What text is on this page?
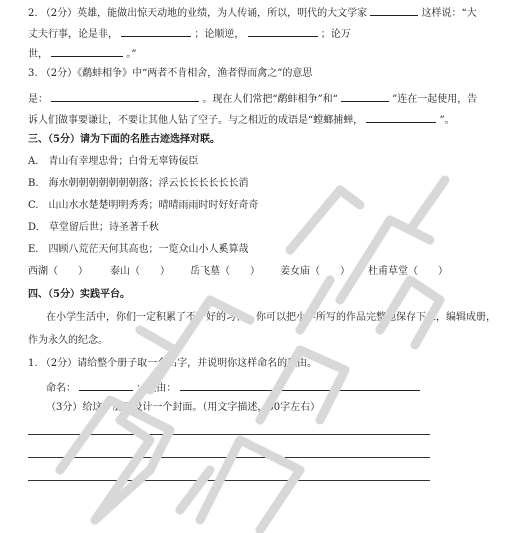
2. （2分）英雄，能做出惊天动地的业绩，为人传诵，所以，明代的大文学家	这样说：“大
丈夫行事，论是非，	；论顺逆，	；论万
世，	。”
3. （2分）《鹬蚌相争》中“两者不肯相舍，渔者得而禽之”的意思
是：	。现在人们常把“鹬蚌相争”和“	”连在一起使用，告
诉人们做事要谦让，不要让其他人钻了空子。与之相近的成语是“螳螂捕蝉，	”。
三、（5分）请为下面的名胜古迹选择对联。
A.　青山有幸埋忠骨；白骨无辜铸佞臣
B.　海水朝朝朝朝朝朝朝落；浮云长长长长长长消
C.　山山水水楚楚明明秀秀；晴晴雨雨时时好好奇奇
D.　草堂留后世；诗圣著千秋
E.　四顾八荒茫天何其高也；一览众山小人奚算哉
西湖（　　） 泰山（　　） 岳飞墓（　　） 姜女庙（　　） 杜甫草堂（　　）
四、（5分）实践平台。
在小学生活中，你们一定积累了不少好的习作。你可以把小学所写的作品完整地保存下来，编辑成册，
作为永久的纪念。
1. （2分）请给整个册子取一个名字，并说明你这样命名的理由。
命名：	；理由：
（3分）给这个册子设计一个封面。（用文字描述，50字左右）
